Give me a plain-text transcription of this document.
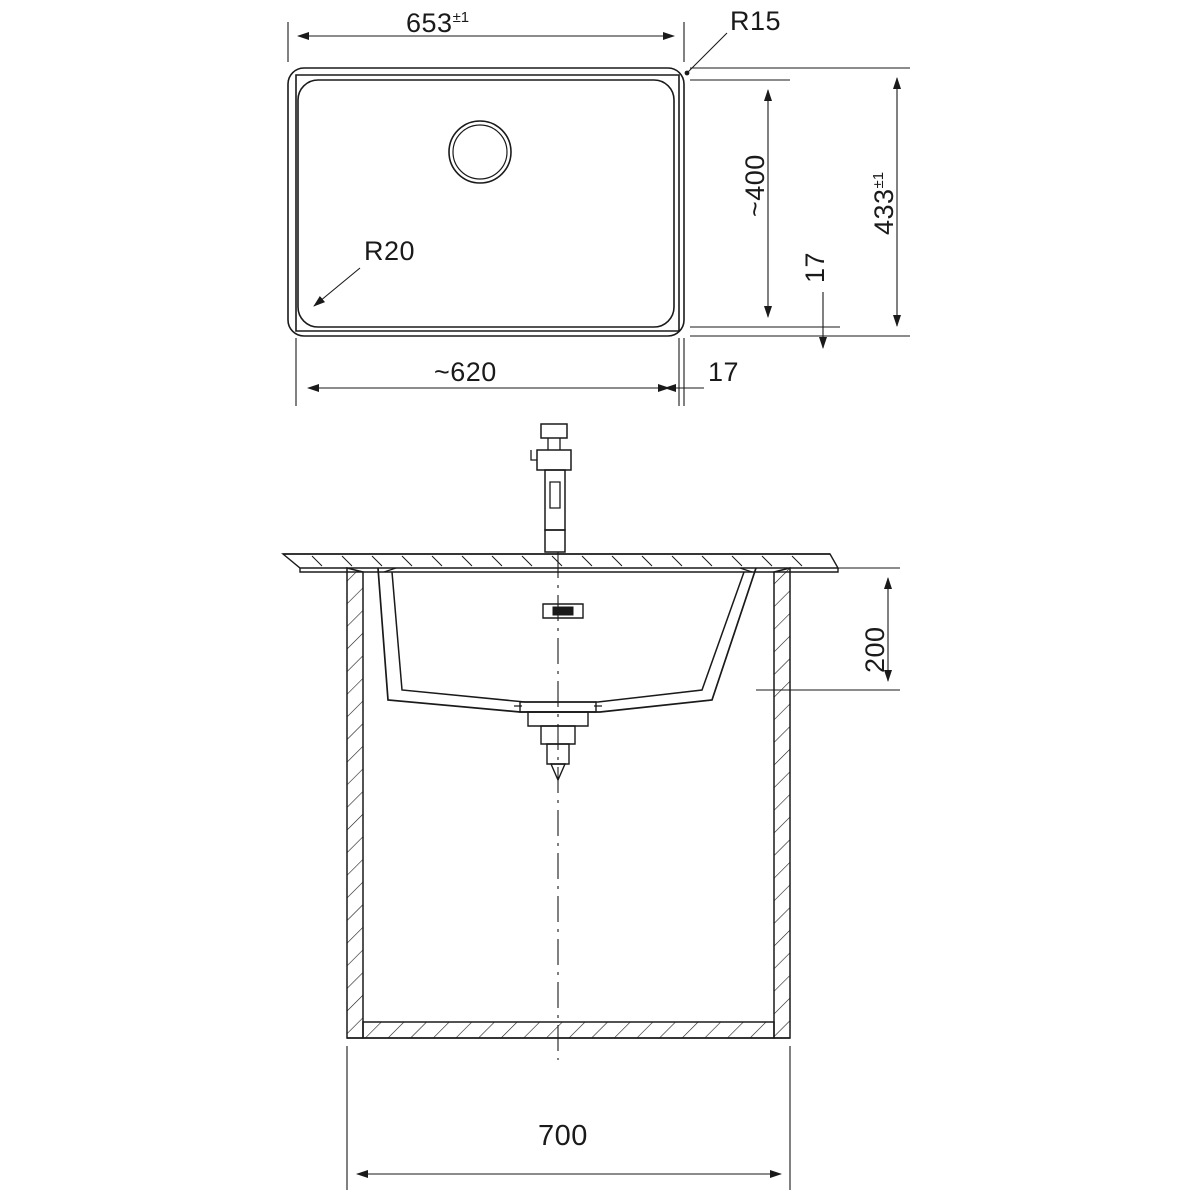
$653^{\pm 1}$	R15
R20
~620	17
~400
17
$433^{\pm 1}$
200
700
